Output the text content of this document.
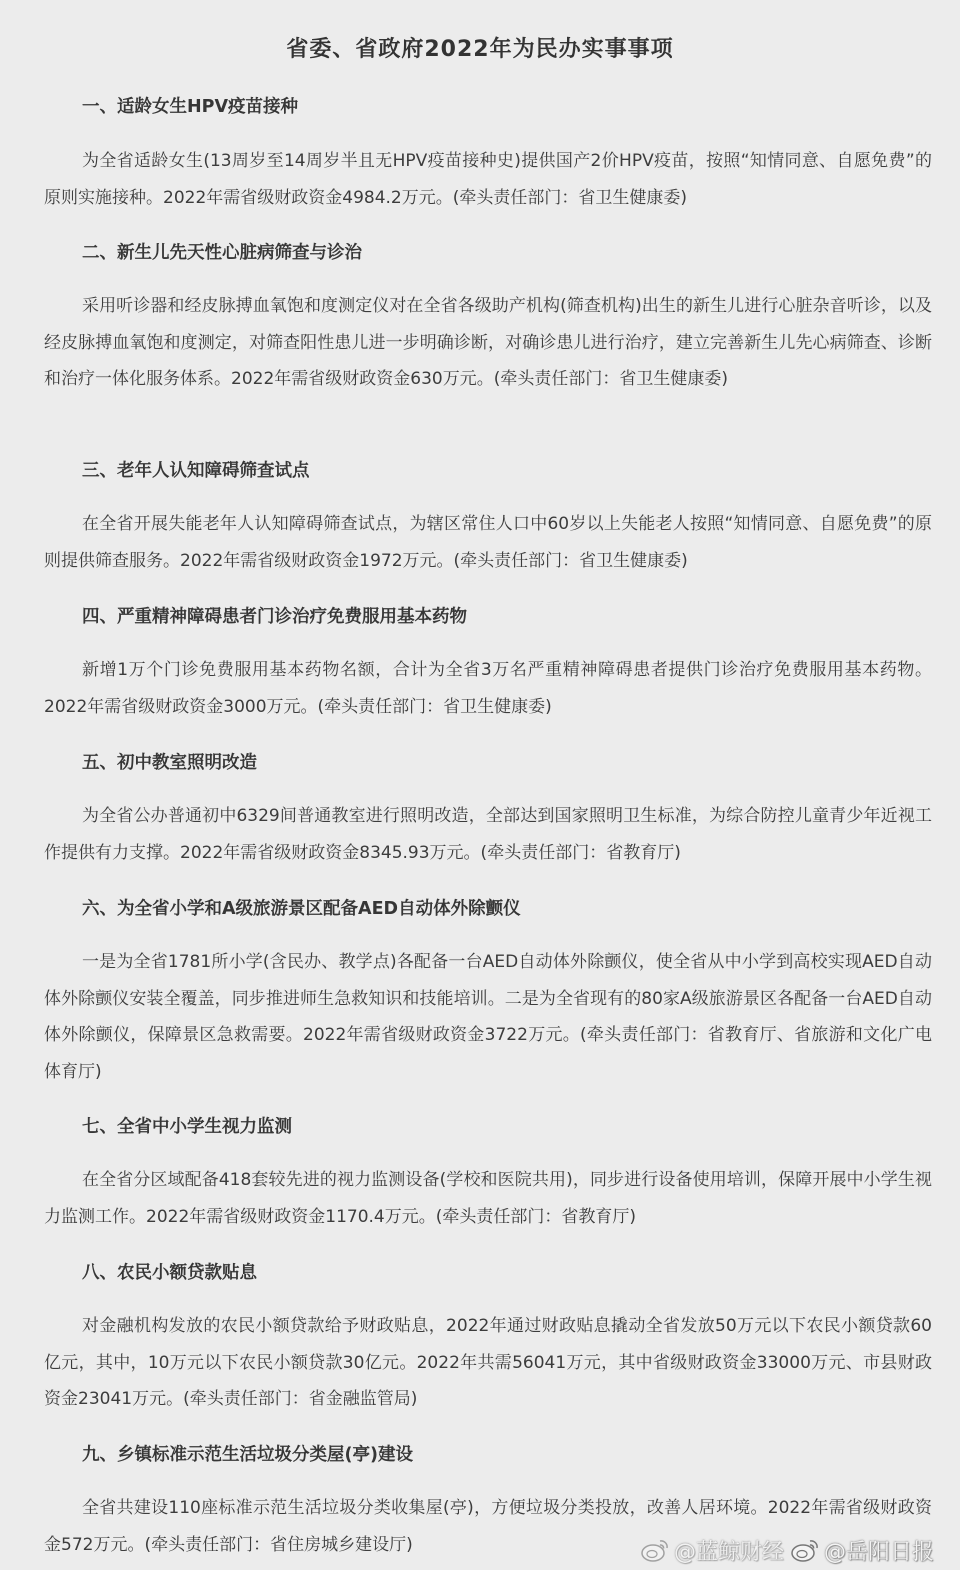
省委、省政府2022年为民办实事事项
一、适龄女生HPV疫苗接种
为全省适龄女生(13周岁至14周岁半且无HPV疫苗接种史)提供国产2价HPV疫苗，按照“知情同意、自愿免费”的原则实施接种。2022年需省级财政资金4984.2万元。(牵头责任部门：省卫生健康委)
二、新生儿先天性心脏病筛查与诊治
采用听诊器和经皮脉搏血氧饱和度测定仪对在全省各级助产机构(筛查机构)出生的新生儿进行心脏杂音听诊，以及经皮脉搏血氧饱和度测定，对筛查阳性患儿进一步明确诊断，对确诊患儿进行治疗，建立完善新生儿先心病筛查、诊断和治疗一体化服务体系。2022年需省级财政资金630万元。(牵头责任部门：省卫生健康委)
三、老年人认知障碍筛查试点
在全省开展失能老年人认知障碍筛查试点，为辖区常住人口中60岁以上失能老人按照“知情同意、自愿免费”的原则提供筛查服务。2022年需省级财政资金1972万元。(牵头责任部门：省卫生健康委)
四、严重精神障碍患者门诊治疗免费服用基本药物
新增1万个门诊免费服用基本药物名额，合计为全省3万名严重精神障碍患者提供门诊治疗免费服用基本药物。2022年需省级财政资金3000万元。(牵头责任部门：省卫生健康委)
五、初中教室照明改造
为全省公办普通初中6329间普通教室进行照明改造，全部达到国家照明卫生标准，为综合防控儿童青少年近视工作提供有力支撑。2022年需省级财政资金8345.93万元。(牵头责任部门：省教育厅)
六、为全省小学和A级旅游景区配备AED自动体外除颤仪
一是为全省1781所小学(含民办、教学点)各配备一台AED自动体外除颤仪，使全省从中小学到高校实现AED自动体外除颤仪安装全覆盖，同步推进师生急救知识和技能培训。二是为全省现有的80家A级旅游景区各配备一台AED自动体外除颤仪，保障景区急救需要。2022年需省级财政资金3722万元。(牵头责任部门：省教育厅、省旅游和文化广电体育厅)
七、全省中小学生视力监测
在全省分区域配备418套较先进的视力监测设备(学校和医院共用)，同步进行设备使用培训，保障开展中小学生视力监测工作。2022年需省级财政资金1170.4万元。(牵头责任部门：省教育厅)
八、农民小额贷款贴息
对金融机构发放的农民小额贷款给予财政贴息，2022年通过财政贴息撬动全省发放50万元以下农民小额贷款60亿元，其中，10万元以下农民小额贷款30亿元。2022年共需56041万元，其中省级财政资金33000万元、市县财政资金23041万元。(牵头责任部门：省金融监管局)
九、乡镇标准示范生活垃圾分类屋(亭)建设
全省共建设110座标准示范生活垃圾分类收集屋(亭)，方便垃圾分类投放，改善人居环境。2022年需省级财政资金572万元。(牵头责任部门：省住房城乡建设厅)	@蓝鲸财经 @岳阳日报
